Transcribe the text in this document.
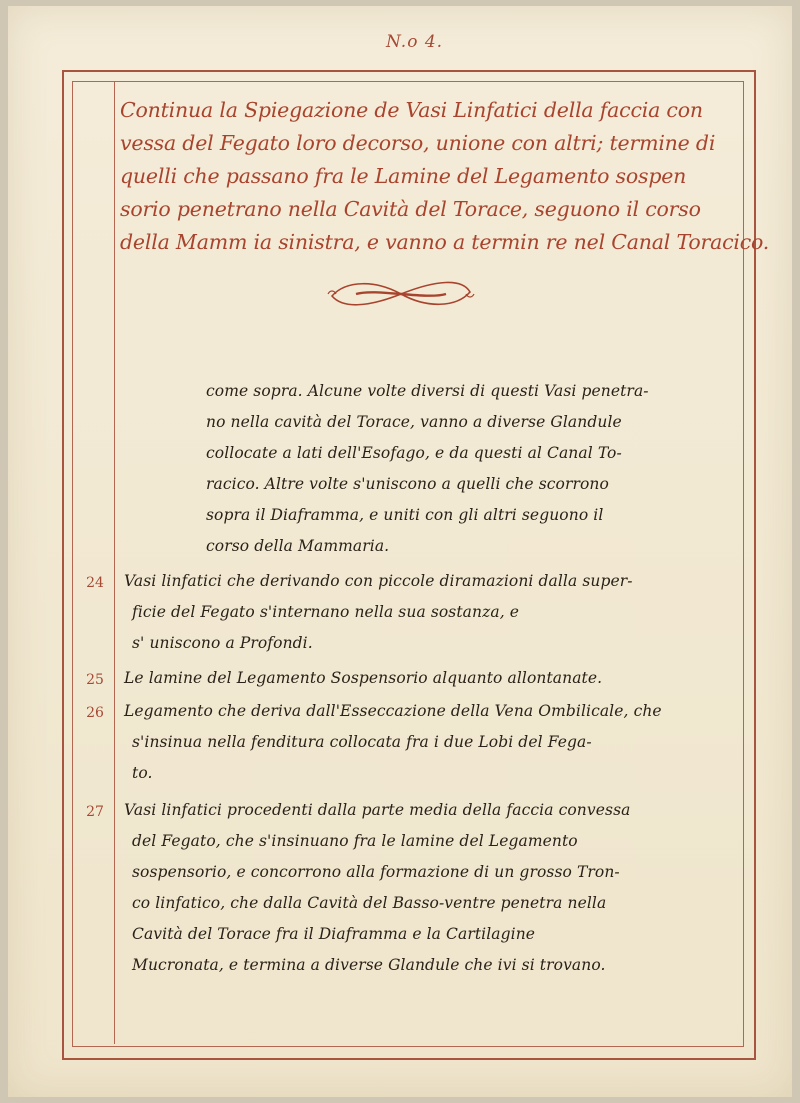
N.o 4.
Continua la Spiegazione de Vasi Linfatici della faccia con
vessa del Fegato loro decorso, unione con altri; termine di
quelli che passano fra le Lamine del Legamento sospen
sorio penetrano nella Cavità del Torace, seguono il corso
della Mamm ia sinistra, e vanno a termin re nel Canal Toracico.
come sopra. Alcune volte diversi di questi Vasi penetra-
no nella cavità del Torace, vanno a diverse Glandule
collocate a lati dell'Esofago, e da questi al Canal To-
racico. Altre volte s'uniscono a quelli che scorrono
sopra il Diaframma, e uniti con gli altri seguono il
corso della Mammaria.
24	Vasi linfatici che derivando con piccole diramazioni dalla super-
ficie del Fegato s'internano nella sua sostanza, e
s' uniscono a Profondi.
25	Le lamine del Legamento Sospensorio alquanto allontanate.
26	Legamento che deriva dall'Esseccazione della Vena Ombilicale, che
s'insinua nella fenditura collocata fra i due Lobi del Fega-
to.
27	Vasi linfatici procedenti dalla parte media della faccia convessa
del Fegato, che s'insinuano fra le lamine del Legamento
sospensorio, e concorrono alla formazione di un grosso Tron-
co linfatico, che dalla Cavità del Basso-ventre penetra nella
Cavità del Torace fra il Diaframma e la Cartilagine
Mucronata, e termina a diverse Glandule che ivi si trovano.
